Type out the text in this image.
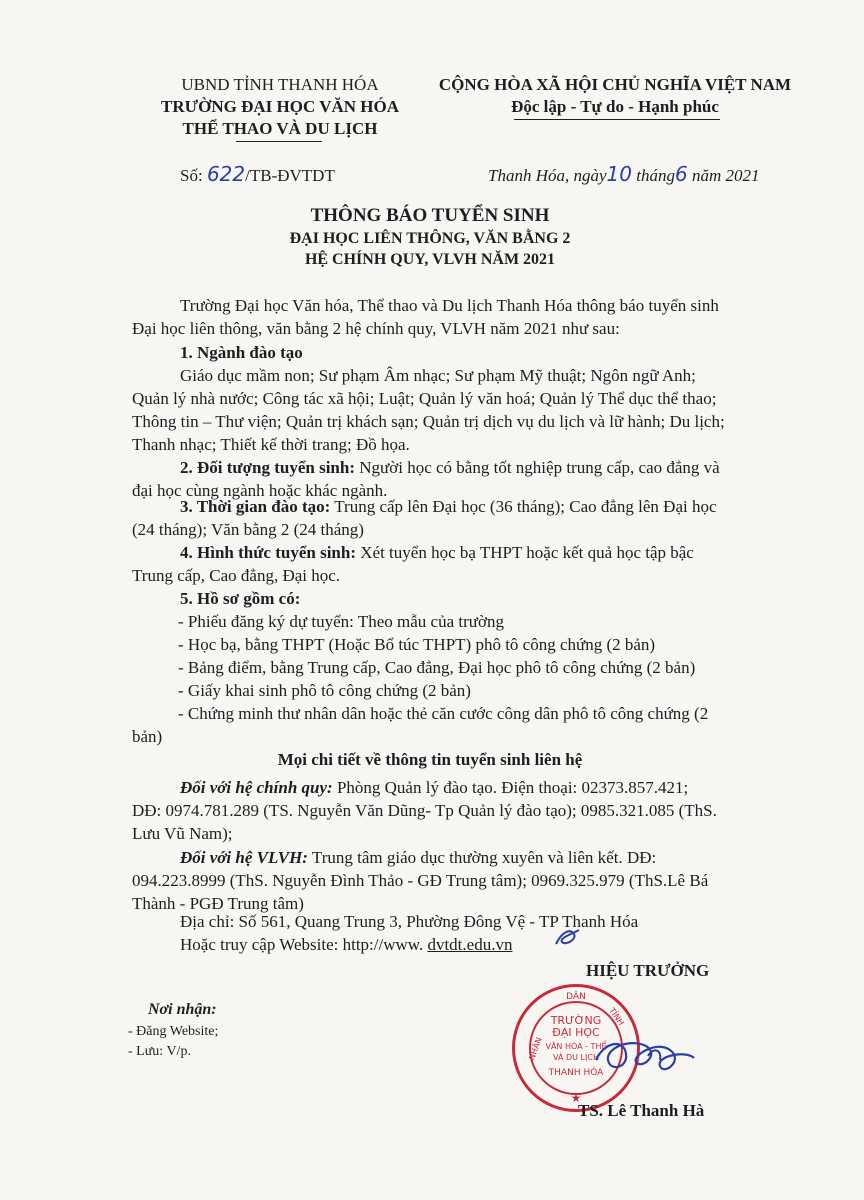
UBND TỈNH THANH HÓA
TRƯỜNG ĐẠI HỌC VĂN HÓA
THỂ THAO VÀ DU LỊCH
CỘNG HÒA XÃ HỘI CHỦ NGHĨA VIỆT NAM
Độc lập - Tự do - Hạnh phúc
Số: 622/TB-ĐVTDT	Thanh Hóa, ngày10 tháng6 năm 2021
THÔNG BÁO TUYỂN SINH
ĐẠI HỌC LIÊN THÔNG, VĂN BẰNG 2
HỆ CHÍNH QUY, VLVH NĂM 2021
Trường Đại học Văn hóa, Thể thao và Du lịch Thanh Hóa thông báo tuyển sinh
Đại học liên thông, văn bằng 2 hệ chính quy, VLVH năm 2021 như sau:
1. Ngành đào tạo
Giáo dục mầm non; Sư phạm Âm nhạc; Sư phạm Mỹ thuật; Ngôn ngữ Anh;
Quản lý nhà nước; Công tác xã hội; Luật; Quản lý văn hoá; Quản lý Thể dục thể thao;
Thông tin – Thư viện; Quản trị khách sạn; Quản trị dịch vụ du lịch và lữ hành; Du lịch;
Thanh nhạc; Thiết kế thời trang; Đồ họa.
2. Đối tượng tuyển sinh: Người học có bằng tốt nghiệp trung cấp, cao đẳng và
đại học cùng ngành hoặc khác ngành.
3. Thời gian đào tạo: Trung cấp lên Đại học (36 tháng); Cao đẳng lên Đại học
(24 tháng); Văn bằng 2 (24 tháng)
4. Hình thức tuyển sinh: Xét tuyển học bạ THPT hoặc kết quả học tập bậc
Trung cấp, Cao đẳng, Đại học.
5. Hồ sơ gồm có:
- Phiếu đăng ký dự tuyển: Theo mẫu của trường
- Học bạ, bằng THPT (Hoặc Bổ túc THPT) phô tô công chứng (2 bản)
- Bảng điểm, bằng Trung cấp, Cao đẳng, Đại học phô tô công chứng (2 bản)
- Giấy khai sinh phô tô công chứng (2 bản)
- Chứng minh thư nhân dân hoặc thẻ căn cước công dân phô tô công chứng (2
bản)
Mọi chi tiết về thông tin tuyển sinh liên hệ
Đối với hệ chính quy: Phòng Quản lý đào tạo. Điện thoại: 02373.857.421;
DĐ: 0974.781.289 (TS. Nguyễn Văn Dũng- Tp Quản lý đào tạo); 0985.321.085 (ThS.
Lưu Vũ Nam);
Đối với hệ VLVH: Trung tâm giáo dục thường xuyên và liên kết. DĐ:
094.223.8999 (ThS. Nguyễn Đình Thảo - GĐ Trung tâm); 0969.325.979 (ThS.Lê Bá
Thành - PGĐ Trung tâm)
Địa chỉ: Số 561, Quang Trung 3, Phường Đông Vệ - TP Thanh Hóa
Hoặc truy cập Website: http://www. dvtdt.edu.vn
HIỆU TRƯỞNG
Nơi nhận:
- Đăng Website;
- Lưu: V/p.
DÂN
TRƯỜNG
ĐẠI HỌC
VĂN HÓA - THỂ
VÀ DU LỊCH
THANH HÓA
NHÂN
TỈNH
★
TS. Lê Thanh Hà
